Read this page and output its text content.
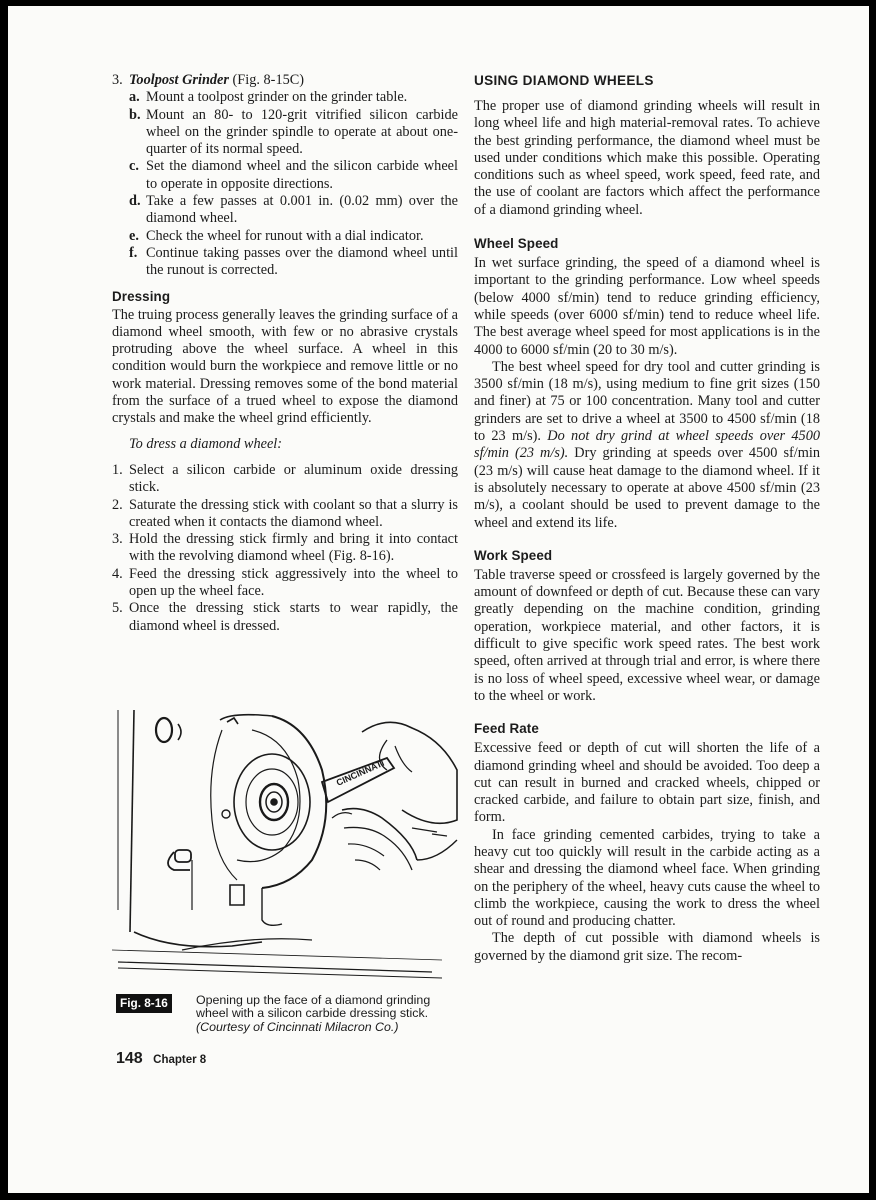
3. Toolpost Grinder (Fig. 8-15C)
a. Mount a toolpost grinder on the grinder table.
b. Mount an 80- to 120-grit vitrified silicon carbide wheel on the grinder spindle to operate at about one-quarter of its normal speed.
c. Set the diamond wheel and the silicon carbide wheel to operate in opposite directions.
d. Take a few passes at 0.001 in. (0.02 mm) over the diamond wheel.
e. Check the wheel for runout with a dial indicator.
f. Continue taking passes over the diamond wheel until the runout is corrected.
Dressing

The truing process generally leaves the grinding surface of a diamond wheel smooth, with few or no abrasive crystals protruding above the wheel surface. A wheel in this condition would burn the workpiece and remove little or no work material. Dressing removes some of the bond material from the surface of a trued wheel to expose the diamond crystals and make the wheel grind efficiently.

To dress a diamond wheel:

1. Select a silicon carbide or aluminum oxide dressing stick.
2. Saturate the dressing stick with coolant so that a slurry is created when it contacts the diamond wheel.
3. Hold the dressing stick firmly and bring it into contact with the revolving diamond wheel (Fig. 8-16).
4. Feed the dressing stick aggressively into the wheel to open up the wheel face.
5. Once the dressing stick starts to wear rapidly, the diamond wheel is dressed.
CINCINNATI
Fig. 8-16	Opening up the face of a diamond grinding wheel with a silicon carbide dressing stick.
(Courtesy of Cincinnati Milacron Co.)
148 Chapter 8
USING DIAMOND WHEELS

The proper use of diamond grinding wheels will result in long wheel life and high material-removal rates. To achieve the best grinding performance, the diamond wheel must be used under conditions which make this possible. Operating conditions such as wheel speed, work speed, feed rate, and the use of coolant are factors which affect the performance of a diamond grinding wheel.

Wheel Speed

In wet surface grinding, the speed of a diamond wheel is important to the grinding performance. Low wheel speeds (below 4000 sf/min) tend to reduce grinding efficiency, while speeds (over 6000 sf/min) tend to reduce wheel life. The best average wheel speed for most applications is in the 4000 to 6000 sf/min (20 to 30 m/s).

The best wheel speed for dry tool and cutter grinding is 3500 sf/min (18 m/s), using medium to fine grit sizes (150 and finer) at 75 or 100 concentration. Many tool and cutter grinders are set to drive a wheel at 3500 to 4500 sf/min (18 to 23 m/s). Do not dry grind at wheel speeds over 4500 sf/min (23 m/s). Dry grinding at speeds over 4500 sf/min (23 m/s) will cause heat damage to the diamond wheel. If it is absolutely necessary to operate at above 4500 sf/min (23 m/s), a coolant should be used to prevent damage to the wheel and extend its life.

Work Speed

Table traverse speed or crossfeed is largely governed by the amount of downfeed or depth of cut. Because these can vary greatly depending on the machine condition, grinding operation, workpiece material, and other factors, it is difficult to give specific work speed rates. The best work speed, often arrived at through trial and error, is where there is no loss of wheel speed, excessive wheel wear, or damage to the wheel or work.

Feed Rate

Excessive feed or depth of cut will shorten the life of a diamond grinding wheel and should be avoided. Too deep a cut can result in burned and cracked wheels, chipped or cracked carbide, and failure to obtain part size, finish, and form.

In face grinding cemented carbides, trying to take a heavy cut too quickly will result in the carbide acting as a shear and dressing the diamond wheel face. When grinding on the periphery of the wheel, heavy cuts cause the wheel to climb the workpiece, causing the work to dress the wheel out of round and producing chatter.

The depth of cut possible with diamond wheels is governed by the diamond grit size. The recom-
